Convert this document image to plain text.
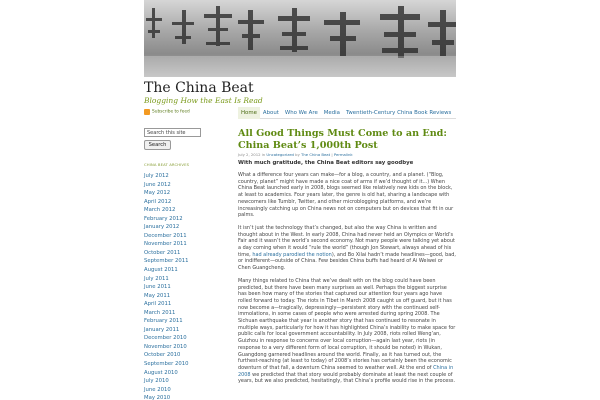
The China Beat
Blogging How the East Is Read
Subscribe to feed	Home	About	Who We Are	Media	Twentieth-Century China Book Reviews
Search this site
Search
CHINA BEAT ARCHIVES
July 2012
June 2012
May 2012
April 2012
March 2012
February 2012
January 2012
December 2011
November 2011
October 2011
September 2011
August 2011
July 2011
June 2011
May 2011
April 2011
March 2011
February 2011
January 2011
December 2010
November 2010
October 2010
September 2010
August 2010
July 2010
June 2010
May 2010
All Good Things Must Come to an End: China Beat’s 1,000th Post
July 2, 2012 in Uncategorized by The China Beat | Permalink
With much gratitude, the China Beat editors say goodbye

What a difference four years can make—for a blog, a country, and a planet. (“Blog, country, planet” might have made a nice coat of arms if we’d thought of it...) When China Beat launched early in 2008, blogs seemed like relatively new kids on the block, at least to academics. Four years later, the genre is old hat, sharing a landscape with newcomers like Tumblr, Twitter, and other microblogging platforms, and we’re increasingly catching up on China news not on computers but on devices that fit in our palms.

It isn’t just the technology that’s changed, but also the way China is written and thought about in the West. In early 2008, China had never held an Olympics or World’s Fair and it wasn’t the world’s second economy. Not many people were talking yet about a day coming when it would “rule the world” (though Jon Stewart, always ahead of his time, had already parodied the notion), and Bo Xilai hadn’t made headlines—good, bad, or indifferent—outside of China. Few besides China buffs had heard of Ai Weiwei or Chen Guangcheng.

Many things related to China that we’ve dealt with on the blog could have been predicted, but there have been many surprises as well. Perhaps the biggest surprise has been how many of the stories that captured our attention four years ago have rolled forward to today. The riots in Tibet in March 2008 caught us off guard, but it has now become a—tragically, depressingly—persistent story with the continued self-immolations, in some cases of people who were arrested during spring 2008. The Sichuan earthquake that year is another story that has continued to resonate in multiple ways, particularly for how it has highlighted China’s inability to make space for public calls for local government accountability. In July 2008, riots rolled Weng’an, Guizhou in response to concerns over local corruption—again last year, riots (in response to a very different form of local corruption, it should be noted) in Wukan, Guangdong garnered headlines around the world. Finally, as it has turned out, the furthest-reaching (at least to today) of 2008’s stories has certainly been the economic downturn of that fall, a downturn China seemed to weather well. At the end of China in 2008 we predicted that that story would probably dominate at least the next couple of years, but we also predicted, hesitatingly, that China’s profile would rise in the process.
